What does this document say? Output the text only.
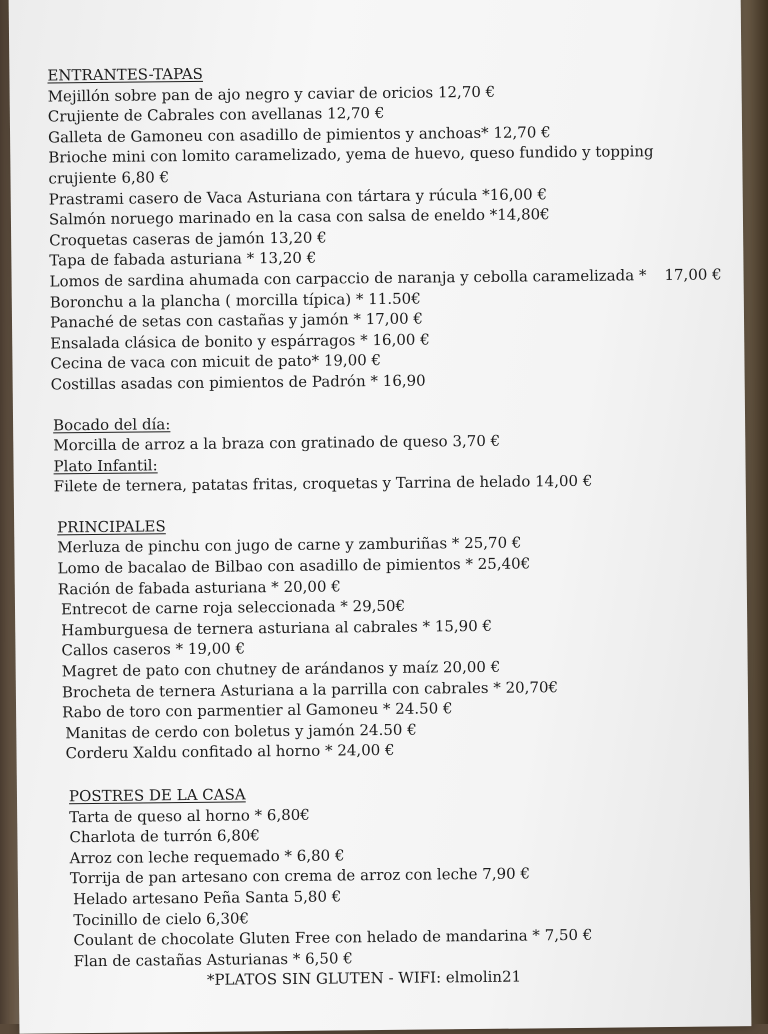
ENTRANTES-TAPAS
Mejillón sobre pan de ajo negro y caviar de oricios 12,70 €
Crujiente de Cabrales con avellanas 12,70 €
Galleta de Gamoneu con asadillo de pimientos y anchoas* 12,70 €
Brioche mini con lomito caramelizado, yema de huevo, queso fundido y topping
crujiente 6,80 €
Prastrami casero de Vaca Asturiana con tártara y rúcula *16,00 €
Salmón noruego marinado en la casa con salsa de eneldo *14,80€
Croquetas caseras de jamón 13,20 €
Tapa de fabada asturiana * 13,20 €
Lomos de sardina ahumada con carpaccio de naranja y cebolla caramelizada * 17,00 €
Boronchu a la plancha ( morcilla típica) * 11.50€
Panaché de setas con castañas y jamón * 17,00 €
Ensalada clásica de bonito y espárragos * 16,00 €
Cecina de vaca con micuit de pato* 19,00 €
Costillas asadas con pimientos de Padrón * 16,90
Bocado del día:
Morcilla de arroz a la braza con gratinado de queso 3,70 €
Plato Infantil:
Filete de ternera, patatas fritas, croquetas y Tarrina de helado 14,00 €
PRINCIPALES
Merluza de pinchu con jugo de carne y zamburiñas * 25,70 €
Lomo de bacalao de Bilbao con asadillo de pimientos * 25,40€
Ración de fabada asturiana * 20,00 €
Entrecot de carne roja seleccionada * 29,50€
Hamburguesa de ternera asturiana al cabrales * 15,90 €
Callos caseros * 19,00 €
Magret de pato con chutney de arándanos y maíz 20,00 €
Brocheta de ternera Asturiana a la parrilla con cabrales * 20,70€
Rabo de toro con parmentier al Gamoneu * 24.50 €
Manitas de cerdo con boletus y jamón 24.50 €
Corderu Xaldu confitado al horno * 24,00 €
POSTRES DE LA CASA
Tarta de queso al horno * 6,80€
Charlota de turrón 6,80€
Arroz con leche requemado * 6,80 €
Torrija de pan artesano con crema de arroz con leche 7,90 €
Helado artesano Peña Santa 5,80 €
Tocinillo de cielo 6,30€
Coulant de chocolate Gluten Free con helado de mandarina * 7,50 €
Flan de castañas Asturianas * 6,50 €
*PLATOS SIN GLUTEN - WIFI: elmolin21
